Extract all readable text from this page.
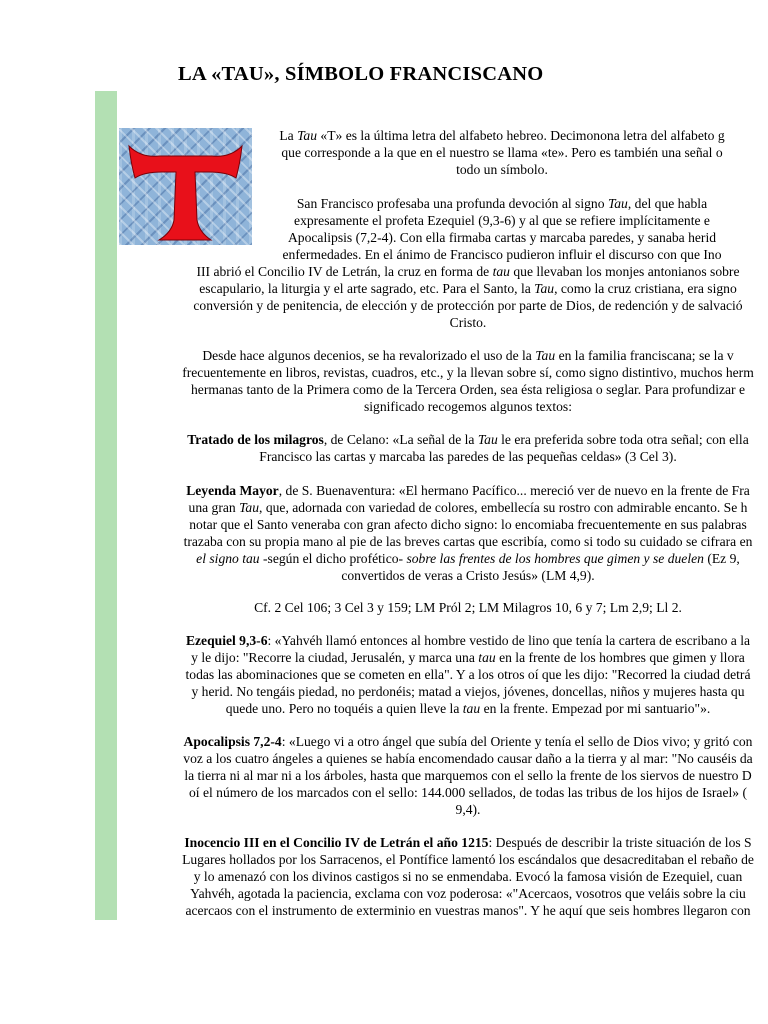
LA «TAU», SÍMBOLO FRANCISCANO
La Tau «T» es la última letra del alfabeto hebreo. Decimonona letra del alfabeto g
que corresponde a la que en el nuestro se llama «te». Pero es también una señal o
todo un símbolo.
San Francisco profesaba una profunda devoción al signo Tau, del que habla
expresamente el profeta Ezequiel (9,3-6) y al que se refiere implícitamente e
Apocalipsis (7,2-4). Con ella firmaba cartas y marcaba paredes, y sanaba herid
enfermedades. En el ánimo de Francisco pudieron influir el discurso con que Ino
III abrió el Concilio IV de Letrán, la cruz en forma de tau que llevaban los monjes antonianos sobre
escapulario, la liturgia y el arte sagrado, etc. Para el Santo, la Tau, como la cruz cristiana, era signo
conversión y de penitencia, de elección y de protección por parte de Dios, de redención y de salvació
Cristo.
Desde hace algunos decenios, se ha revalorizado el uso de la Tau en la familia franciscana; se la v
frecuentemente en libros, revistas, cuadros, etc., y la llevan sobre sí, como signo distintivo, muchos herm
hermanas tanto de la Primera como de la Tercera Orden, sea ésta religiosa o seglar. Para profundizar e
significado recogemos algunos textos:
Tratado de los milagros, de Celano: «La señal de la Tau le era preferida sobre toda otra señal; con ella
Francisco las cartas y marcaba las paredes de las pequeñas celdas» (3 Cel 3).
Leyenda Mayor, de S. Buenaventura: «El hermano Pacífico... mereció ver de nuevo en la frente de Fra
una gran Tau, que, adornada con variedad de colores, embellecía su rostro con admirable encanto. Se h
notar que el Santo veneraba con gran afecto dicho signo: lo encomiaba frecuentemente en sus palabras
trazaba con su propia mano al pie de las breves cartas que escribía, como si todo su cuidado se cifrara en
el signo tau -según el dicho profético- sobre las frentes de los hombres que gimen y se duelen (Ez 9,
convertidos de veras a Cristo Jesús» (LM 4,9).
Cf. 2 Cel 106; 3 Cel 3 y 159; LM Pról 2; LM Milagros 10, 6 y 7; Lm 2,9; Ll 2.
Ezequiel 9,3-6: «Yahvéh llamó entonces al hombre vestido de lino que tenía la cartera de escribano a la
y le dijo: "Recorre la ciudad, Jerusalén, y marca una tau en la frente de los hombres que gimen y llora
todas las abominaciones que se cometen en ella". Y a los otros oí que les dijo: "Recorred la ciudad detrá
y herid. No tengáis piedad, no perdonéis; matad a viejos, jóvenes, doncellas, niños y mujeres hasta qu
quede uno. Pero no toquéis a quien lleve la tau en la frente. Empezad por mi santuario"».
Apocalipsis 7,2-4: «Luego vi a otro ángel que subía del Oriente y tenía el sello de Dios vivo; y gritó con
voz a los cuatro ángeles a quienes se había encomendado causar daño a la tierra y al mar: "No causéis da
la tierra ni al mar ni a los árboles, hasta que marquemos con el sello la frente de los siervos de nuestro D
oí el número de los marcados con el sello: 144.000 sellados, de todas las tribus de los hijos de Israel» (
9,4).
Inocencio III en el Concilio IV de Letrán el año 1215: Después de describir la triste situación de los S
Lugares hollados por los Sarracenos, el Pontífice lamentó los escándalos que desacreditaban el rebaño de
y lo amenazó con los divinos castigos si no se enmendaba. Evocó la famosa visión de Ezequiel, cuan
Yahvéh, agotada la paciencia, exclama con voz poderosa: «"Acercaos, vosotros que veláis sobre la ciu
acercaos con el instrumento de exterminio en vuestras manos". Y he aquí que seis hombres llegaron con
